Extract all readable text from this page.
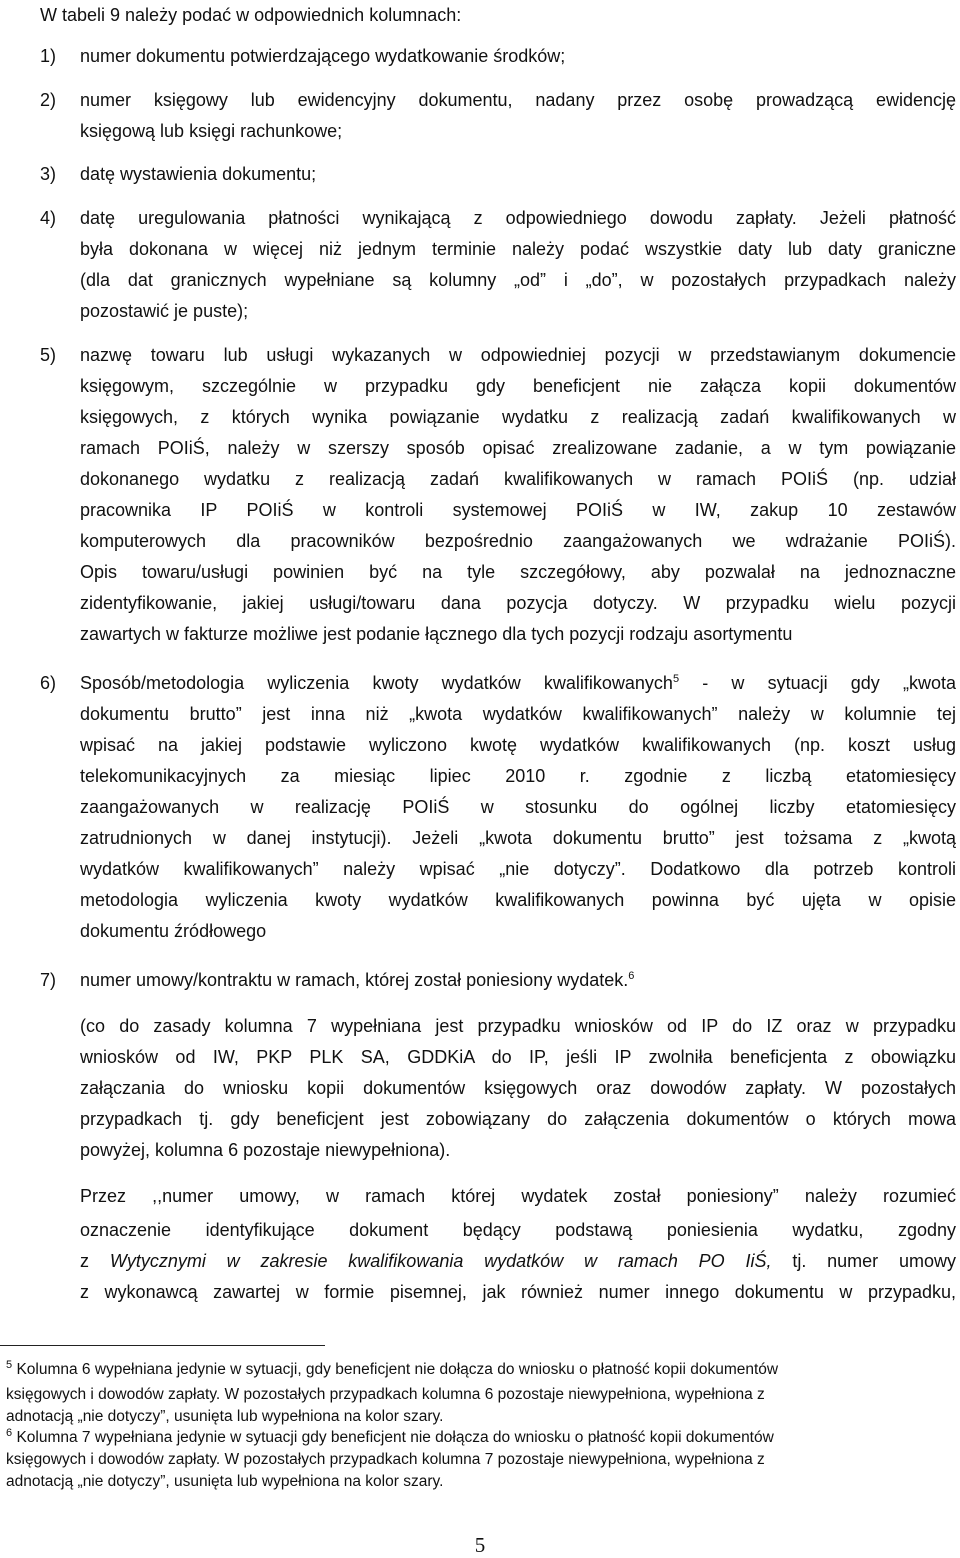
W tabeli 9 należy podać w odpowiednich kolumnach:

1) numer dokumentu potwierdzającego wydatkowanie środków;

2) numer księgowy lub ewidencyjny dokumentu, nadany przez osobę prowadzącą ewidencję

księgową lub księgi rachunkowe;

3) datę wystawienia dokumentu;

4) datę uregulowania płatności wynikającą z odpowiedniego dowodu zapłaty. Jeżeli płatność

była dokonana w więcej niż jednym terminie należy podać wszystkie daty lub daty graniczne

(dla dat granicznych wypełniane są kolumny „od” i „do”, w pozostałych przypadkach należy

pozostawić je puste);

5) nazwę towaru lub usługi wykazanych w odpowiedniej pozycji w przedstawianym dokumencie

księgowym, szczególnie w przypadku gdy beneficjent nie załącza kopii dokumentów

księgowych, z których wynika powiązanie wydatku z realizacją zadań kwalifikowanych w

ramach POIiŚ, należy w szerszy sposób opisać zrealizowane zadanie, a w tym powiązanie

dokonanego wydatku z realizacją zadań kwalifikowanych w ramach POIiŚ (np. udział

pracownika IP POIiŚ w kontroli systemowej POIiŚ w IW, zakup 10 zestawów

komputerowych dla pracowników bezpośrednio zaangażowanych we wdrażanie POIiŚ).

Opis towaru/usługi powinien być na tyle szczegółowy, aby pozwalał na jednoznaczne

zidentyfikowanie, jakiej usługi/towaru dana pozycja dotyczy. W przypadku wielu pozycji

zawartych w fakturze możliwe jest podanie łącznego dla tych pozycji rodzaju asortymentu

6) Sposób/metodologia wyliczenia kwoty wydatków kwalifikowanych$^5$ - w sytuacji gdy „kwota

dokumentu brutto” jest inna niż „kwota wydatków kwalifikowanych” należy w kolumnie tej

wpisać na jakiej podstawie wyliczono kwotę wydatków kwalifikowanych (np. koszt usług

telekomunikacyjnych za miesiąc lipiec 2010 r. zgodnie z liczbą etatomiesięcy

zaangażowanych w realizację POIiŚ w stosunku do ogólnej liczby etatomiesięcy

zatrudnionych w danej instytucji). Jeżeli „kwota dokumentu brutto” jest tożsama z „kwotą

wydatków kwalifikowanych” należy wpisać „nie dotyczy”. Dodatkowo dla potrzeb kontroli

metodologia wyliczenia kwoty wydatków kwalifikowanych powinna być ujęta w opisie

dokumentu źródłowego

7) numer umowy/kontraktu w ramach, której został poniesiony wydatek.$^6$

(co do zasady kolumna 7 wypełniana jest przypadku wniosków od IP do IZ oraz w przypadku

wniosków od IW, PKP PLK SA, GDDKiA do IP, jeśli IP zwolniła beneficjenta z obowiązku

załączania do wniosku kopii dokumentów księgowych oraz dowodów zapłaty. W pozostałych

przypadkach tj. gdy beneficjent jest zobowiązany do załączenia dokumentów o których mowa

powyżej, kolumna 6 pozostaje niewypełniona).

Przez ,,numer umowy, w ramach której wydatek został poniesiony” należy rozumieć

oznaczenie identyfikujące dokument będący podstawą poniesienia wydatku, zgodny

z Wytycznymi w zakresie kwalifikowania wydatków w ramach PO IiŚ, tj. numer umowy

z wykonawcą zawartej w formie pisemnej, jak również numer innego dokumentu w przypadku,

$^5$ Kolumna 6 wypełniana jedynie w sytuacji, gdy beneficjent nie dołącza do wniosku o płatność kopii dokumentów

księgowych i dowodów zapłaty. W pozostałych przypadkach kolumna 6 pozostaje niewypełniona, wypełniona z

adnotacją „nie dotyczy”, usunięta lub wypełniona na kolor szary.

$^6$ Kolumna 7 wypełniana jedynie w sytuacji gdy beneficjent nie dołącza do wniosku o płatność kopii dokumentów

księgowych i dowodów zapłaty. W pozostałych przypadkach kolumna 7 pozostaje niewypełniona, wypełniona z

adnotacją „nie dotyczy”, usunięta lub wypełniona na kolor szary.

5
